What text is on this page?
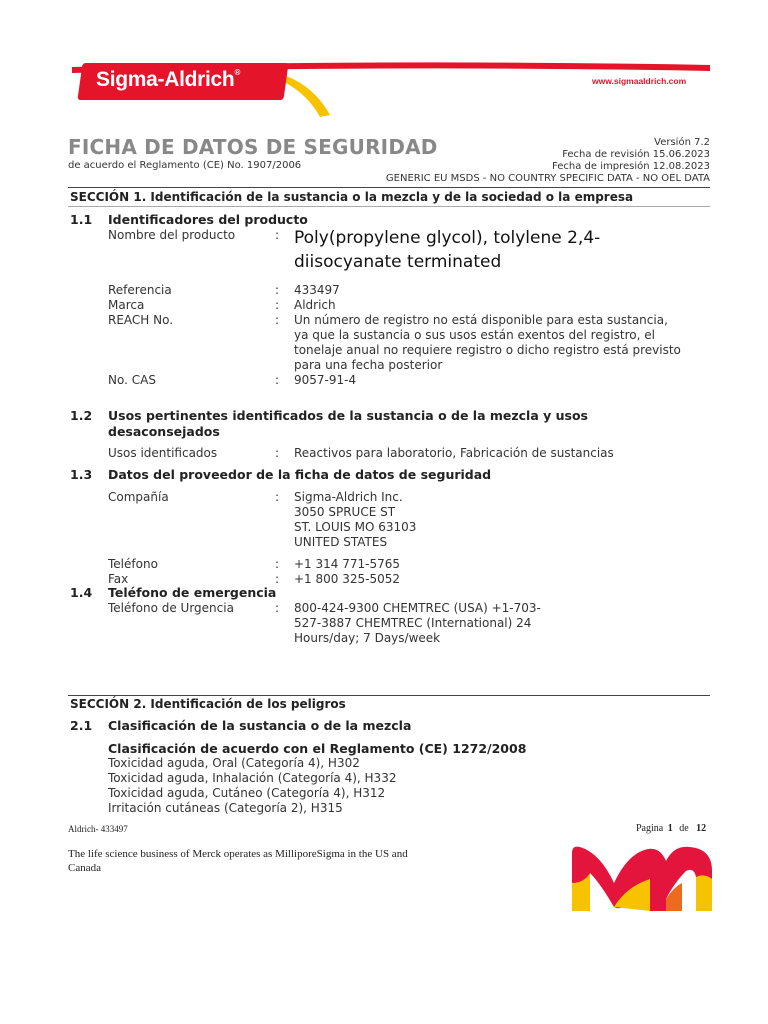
Sigma-Aldrich®
www.sigmaaldrich.com
FICHA DE DATOS DE SEGURIDAD
de acuerdo el Reglamento (CE) No. 1907/2006
Versión 7.2
Fecha de revisión 15.06.2023
Fecha de impresión 12.08.2023
GENERIC EU MSDS - NO COUNTRY SPECIFIC DATA - NO OEL DATA
SECCIÓN 1. Identificación de la sustancia o la mezcla y de la sociedad o la empresa
1.1 Identificadores del producto
Nombre del producto	: Poly(propylene glycol), tolylene 2,4-
diisocyanate terminated
Referencia	: 433497
Marca	: Aldrich
REACH No.	: Un número de registro no está disponible para esta sustancia,
ya que la sustancia o sus usos están exentos del registro, el
tonelaje anual no requiere registro o dicho registro está previsto
para una fecha posterior
No. CAS	: 9057-91-4
1.2 Usos pertinentes identificados de la sustancia o de la mezcla y usos
desaconsejados
Usos identificados	: Reactivos para laboratorio, Fabricación de sustancias
1.3 Datos del proveedor de la ficha de datos de seguridad
Compañía	: Sigma-Aldrich Inc.
3050 SPRUCE ST
ST. LOUIS MO 63103
UNITED STATES
Teléfono	: +1 314 771-5765
Fax	: +1 800 325-5052
1.4 Teléfono de emergencia
Teléfono de Urgencia	: 800-424-9300 CHEMTREC (USA) +1-703-
527-3887 CHEMTREC (International) 24
Hours/day; 7 Days/week
SECCIÓN 2. Identificación de los peligros
2.1 Clasificación de la sustancia o de la mezcla
Clasificación de acuerdo con el Reglamento (CE) 1272/2008
Toxicidad aguda, Oral (Categoría 4), H302
Toxicidad aguda, Inhalación (Categoría 4), H332
Toxicidad aguda, Cutáneo (Categoría 4), H312
Irritación cutáneas (Categoría 2), H315
Aldrich- 433497	Pagina 1 de 12
The life science business of Merck operates as MilliporeSigma in the US and
Canada
